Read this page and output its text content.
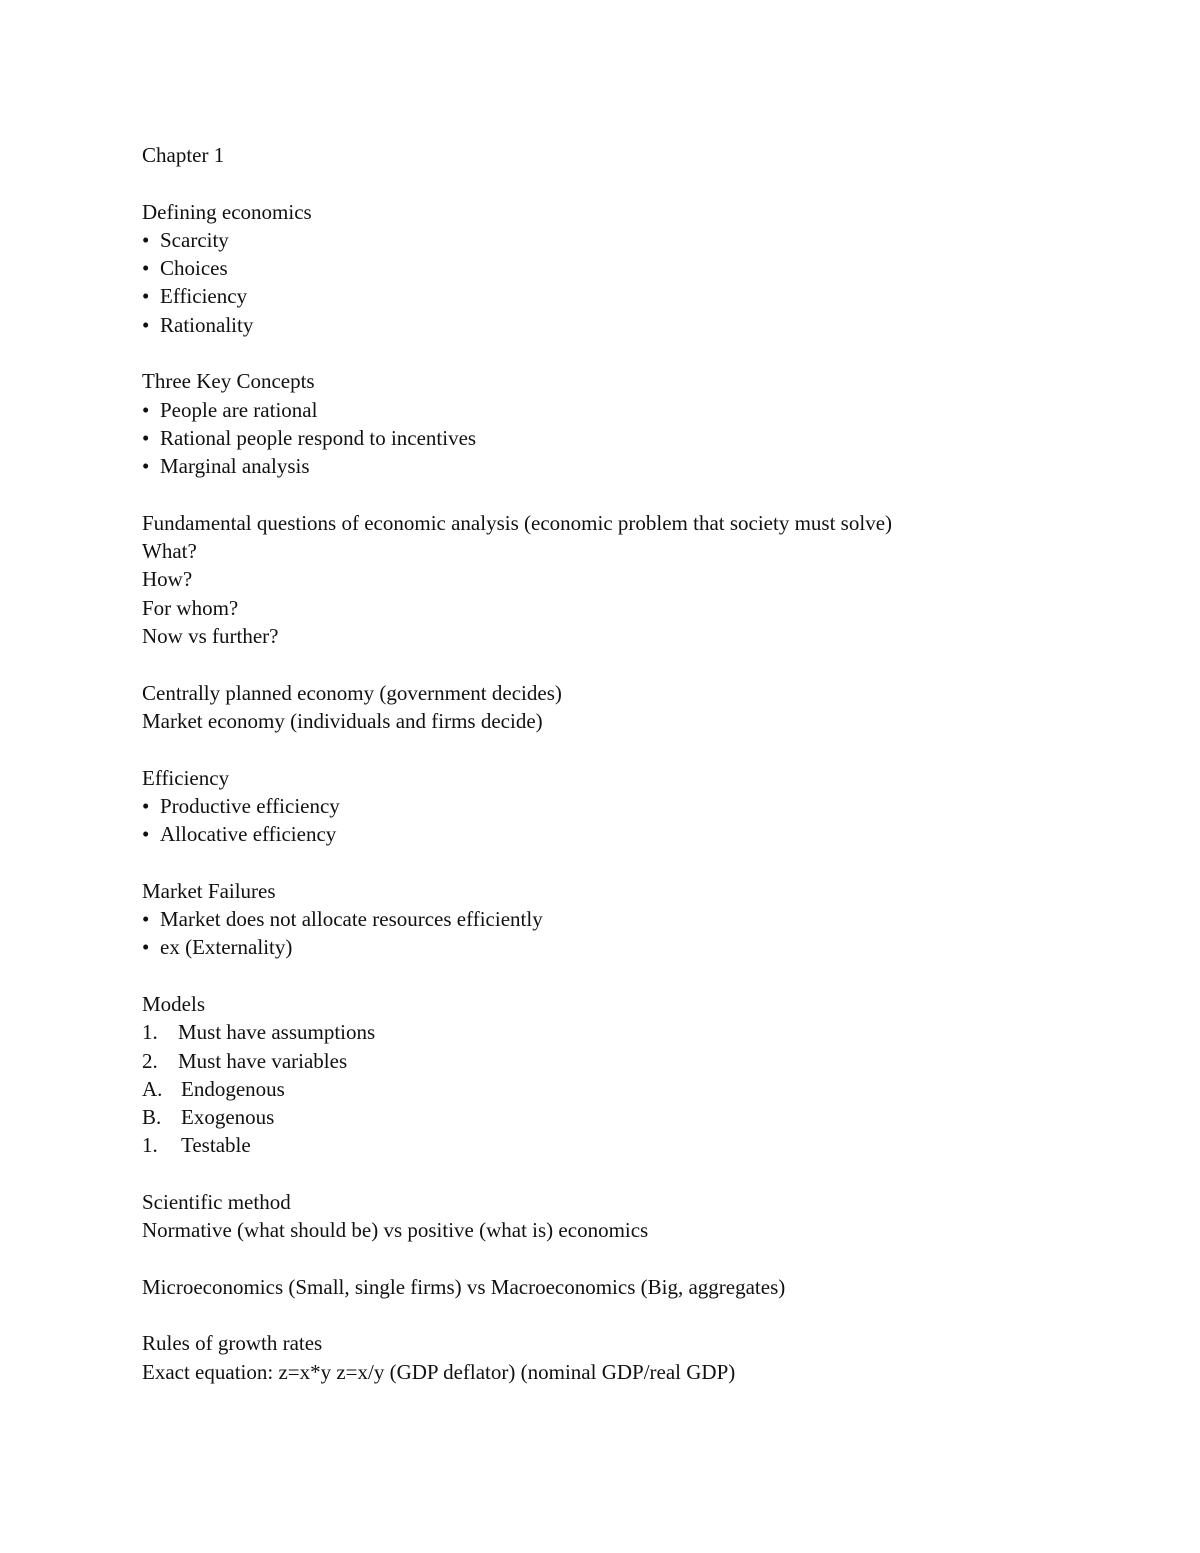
Chapter 1
Defining economics
• Scarcity
• Choices
• Efficiency
• Rationality
Three Key Concepts
• People are rational
• Rational people respond to incentives
• Marginal analysis
Fundamental questions of economic analysis (economic problem that society must solve)
What?
How?
For whom?
Now vs further?
Centrally planned economy (government decides)
Market economy (individuals and firms decide)
Efficiency
• Productive efficiency
• Allocative efficiency
Market Failures
• Market does not allocate resources efficiently
• ex (Externality)
Models
1. Must have assumptions
2. Must have variables
A. Endogenous
B. Exogenous
1. Testable
Scientific method
Normative (what should be) vs positive (what is) economics
Microeconomics (Small, single firms) vs Macroeconomics (Big, aggregates)
Rules of growth rates
Exact equation: z=x*y z=x/y (GDP deflator) (nominal GDP/real GDP)
